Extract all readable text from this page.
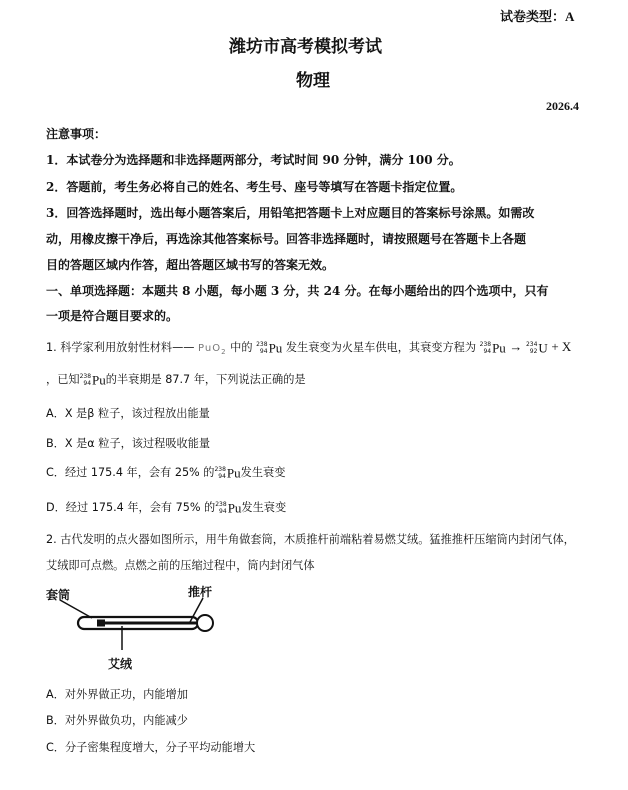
试卷类型：A
潍坊市高考模拟考试
物理
2026.4
注意事项：
1．本试卷分为选择题和非选择题两部分，考试时间 90 分钟，满分 100 分。
2．答题前，考生务必将自己的姓名、考生号、座号等填写在答题卡指定位置。
3．回答选择题时，选出每小题答案后，用铅笔把答题卡上对应题目的答案标号涂黑。如需改
动，用橡皮擦干净后，再选涂其他答案标号。回答非选择题时，请按照题号在答题卡上各题
目的答题区域内作答，超出答题区域书写的答案无效。
一、单项选择题：本题共 8 小题，每小题 3 分，共 24 分。在每小题给出的四个选项中，只有
一项是符合题目要求的。
1. 科学家利用放射性材料—— PuO$_2$ 中的 238
94 Pu 发生衰变为火星车供电，其衰变方程为 238
94 Pu → 234
92 U + X
，已知 238
94 Pu的半衰期是 87.7 年，下列说法正确的是
A．X 是β 粒子，该过程放出能量
B．X 是α 粒子，该过程吸收能量
C．经过 175.4 年，会有 25% 的 238
94 Pu发生衰变
D．经过 175.4 年，会有 75% 的 238
94 Pu发生衰变
2. 古代发明的点火器如图所示，用牛角做套筒，木质推杆前端粘着易燃艾绒。猛推推杆压缩筒内封闭气体，
艾绒即可点燃。点燃之前的压缩过程中，筒内封闭气体
套筒	推杆
艾绒
A．对外界做正功，内能增加
B．对外界做负功，内能减少
C．分子密集程度增大，分子平均动能增大
